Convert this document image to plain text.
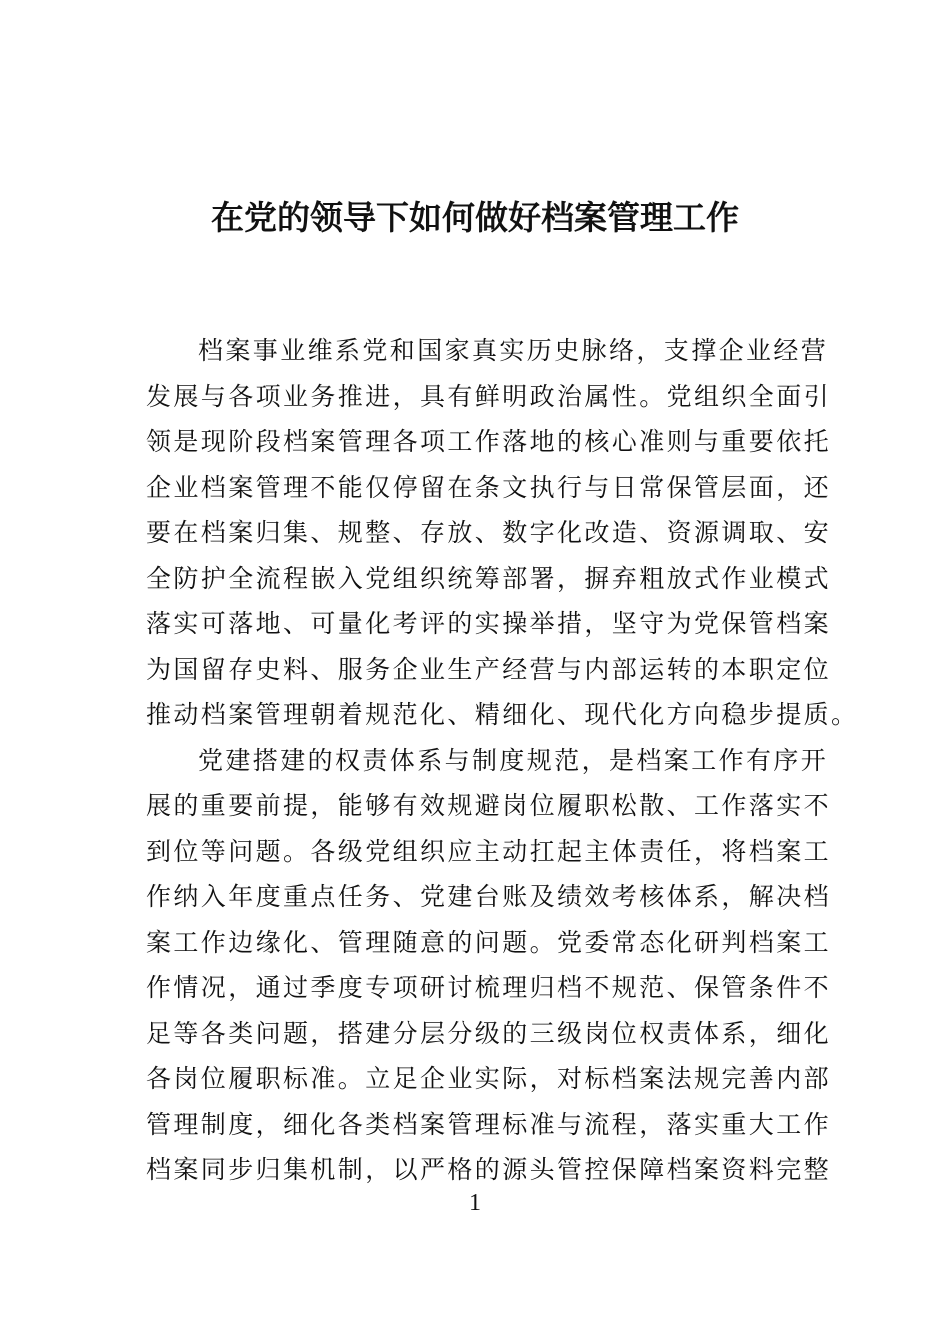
在党的领导下如何做好档案管理工作
档案事业维系党和国家真实历史脉络，支撑企业经营
发展与各项业务推进，具有鲜明政治属性。党组织全面引
领是现阶段档案管理各项工作落地的核心准则与重要依托
企业档案管理不能仅停留在条文执行与日常保管层面，还
要在档案归集、规整、存放、数字化改造、资源调取、安
全防护全流程嵌入党组织统筹部署，摒弃粗放式作业模式
落实可落地、可量化考评的实操举措，坚守为党保管档案
为国留存史料、服务企业生产经营与内部运转的本职定位
推动档案管理朝着规范化、精细化、现代化方向稳步提质。
党建搭建的权责体系与制度规范，是档案工作有序开
展的重要前提，能够有效规避岗位履职松散、工作落实不
到位等问题。各级党组织应主动扛起主体责任，将档案工
作纳入年度重点任务、党建台账及绩效考核体系，解决档
案工作边缘化、管理随意的问题。党委常态化研判档案工
作情况，通过季度专项研讨梳理归档不规范、保管条件不
足等各类问题，搭建分层分级的三级岗位权责体系，细化
各岗位履职标准。立足企业实际，对标档案法规完善内部
管理制度，细化各类档案管理标准与流程，落实重大工作
档案同步归集机制，以严格的源头管控保障档案资料完整
1
